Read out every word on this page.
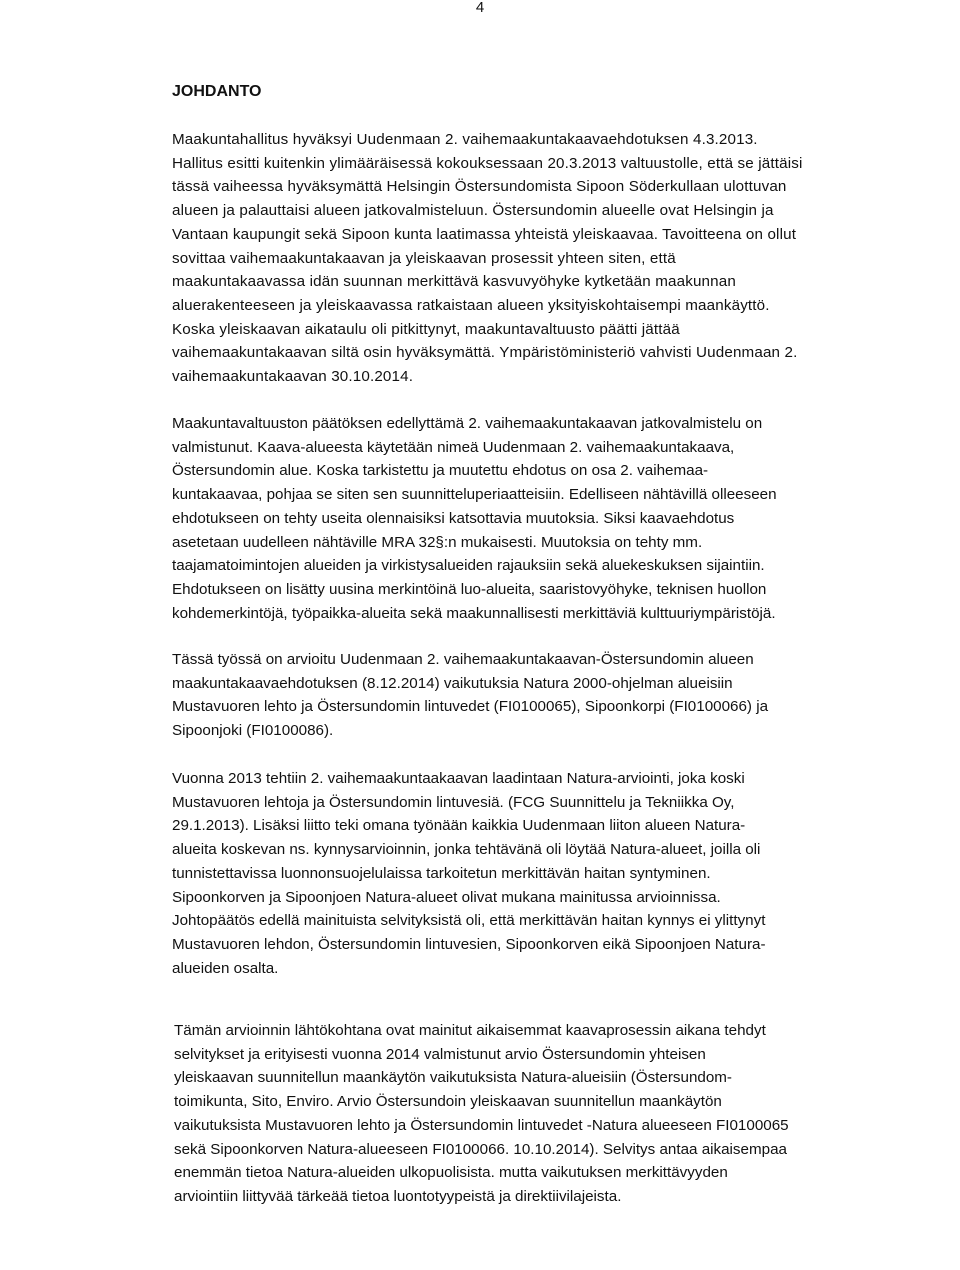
4
JOHDANTO
Maakuntahallitus hyväksyi Uudenmaan 2. vaihemaakuntakaavaehdotuksen 4.3.2013.
Hallitus esitti kuitenkin ylimääräisessä kokouksessaan 20.3.2013 valtuustolle, että se jättäisi
tässä vaiheessa hyväksymättä Helsingin Östersundomista Sipoon Söderkullaan ulottuvan
alueen ja palauttaisi alueen jatkovalmisteluun. Östersundomin alueelle ovat Helsingin ja
Vantaan kaupungit sekä Sipoon kunta laatimassa yhteistä yleiskaavaa. Tavoitteena on ollut
sovittaa vaihemaakuntakaavan ja yleiskaavan prosessit yhteen siten, että
maakuntakaavassa idän suunnan merkittävä kasvuvyöhyke kytketään maakunnan
aluerakenteeseen ja yleiskaavassa ratkaistaan alueen yksityiskohtaisempi maankäyttö.
Koska yleiskaavan aikataulu oli pitkittynyt, maakuntavaltuusto päätti jättää
vaihemaakuntakaavan siltä osin hyväksymättä. Ympäristöministeriö vahvisti Uudenmaan 2.
vaihemaakuntakaavan 30.10.2014.
Maakuntavaltuuston päätöksen edellyttämä 2. vaihemaakuntakaavan jatkovalmistelu on
valmistunut. Kaava-alueesta käytetään nimeä Uudenmaan 2. vaihemaakuntakaava,
Östersundomin alue. Koska tarkistettu ja muutettu ehdotus on osa 2. vaihemaa-
kuntakaavaa, pohjaa se siten sen suunnitteluperiaatteisiin. Edelliseen nähtävillä olleeseen
ehdotukseen on tehty useita olennaisiksi katsottavia muutoksia. Siksi kaavaehdotus
asetetaan uudelleen nähtäville MRA 32§:n mukaisesti. Muutoksia on tehty mm.
taajamatoimintojen alueiden ja virkistysalueiden rajauksiin sekä aluekeskuksen sijaintiin.
Ehdotukseen on lisätty uusina merkintöinä luo-alueita, saaristovyöhyke, teknisen huollon
kohdemerkintöjä, työpaikka-alueita sekä maakunnallisesti merkittäviä kulttuuriympäristöjä.
Tässä työssä on arvioitu Uudenmaan 2. vaihemaakuntakaavan-Östersundomin alueen
maakuntakaavaehdotuksen (8.12.2014) vaikutuksia Natura 2000-ohjelman alueisiin
Mustavuoren lehto ja Östersundomin lintuvedet (FI0100065), Sipoonkorpi (FI0100066) ja
Sipoonjoki (FI0100086).
Vuonna 2013 tehtiin 2. vaihemaakuntaakaavan laadintaan Natura-arviointi, joka koski
Mustavuoren lehtoja ja Östersundomin lintuvesiä. (FCG Suunnittelu ja Tekniikka Oy,
29.1.2013). Lisäksi liitto teki omana työnään kaikkia Uudenmaan liiton alueen Natura-
alueita koskevan ns. kynnysarvioinnin, jonka tehtävänä oli löytää Natura-alueet, joilla oli
tunnistettavissa luonnonsuojelulaissa tarkoitetun merkittävän haitan syntyminen.
Sipoonkorven ja Sipoonjoen Natura-alueet olivat mukana mainitussa arvioinnissa.
Johtopäätös edellä mainituista selvityksistä oli, että merkittävän haitan kynnys ei ylittynyt
Mustavuoren lehdon, Östersundomin lintuvesien, Sipoonkorven eikä Sipoonjoen Natura-
alueiden osalta.
Tämän arvioinnin lähtökohtana ovat mainitut aikaisemmat kaavaprosessin aikana tehdyt
selvitykset ja erityisesti vuonna 2014 valmistunut arvio Östersundomin yhteisen
yleiskaavan suunnitellun maankäytön vaikutuksista Natura-alueisiin (Östersundom-
toimikunta, Sito, Enviro. Arvio Östersundoin yleiskaavan suunnitellun maankäytön
vaikutuksista Mustavuoren lehto ja Östersundomin lintuvedet -Natura alueeseen FI0100065
sekä Sipoonkorven Natura-alueeseen FI0100066. 10.10.2014). Selvitys antaa aikaisempaa
enemmän tietoa Natura-alueiden ulkopuolisista. mutta vaikutuksen merkittävyyden
arviointiin liittyvää tärkeää tietoa luontotyypeistä ja direktiivilajeista.
